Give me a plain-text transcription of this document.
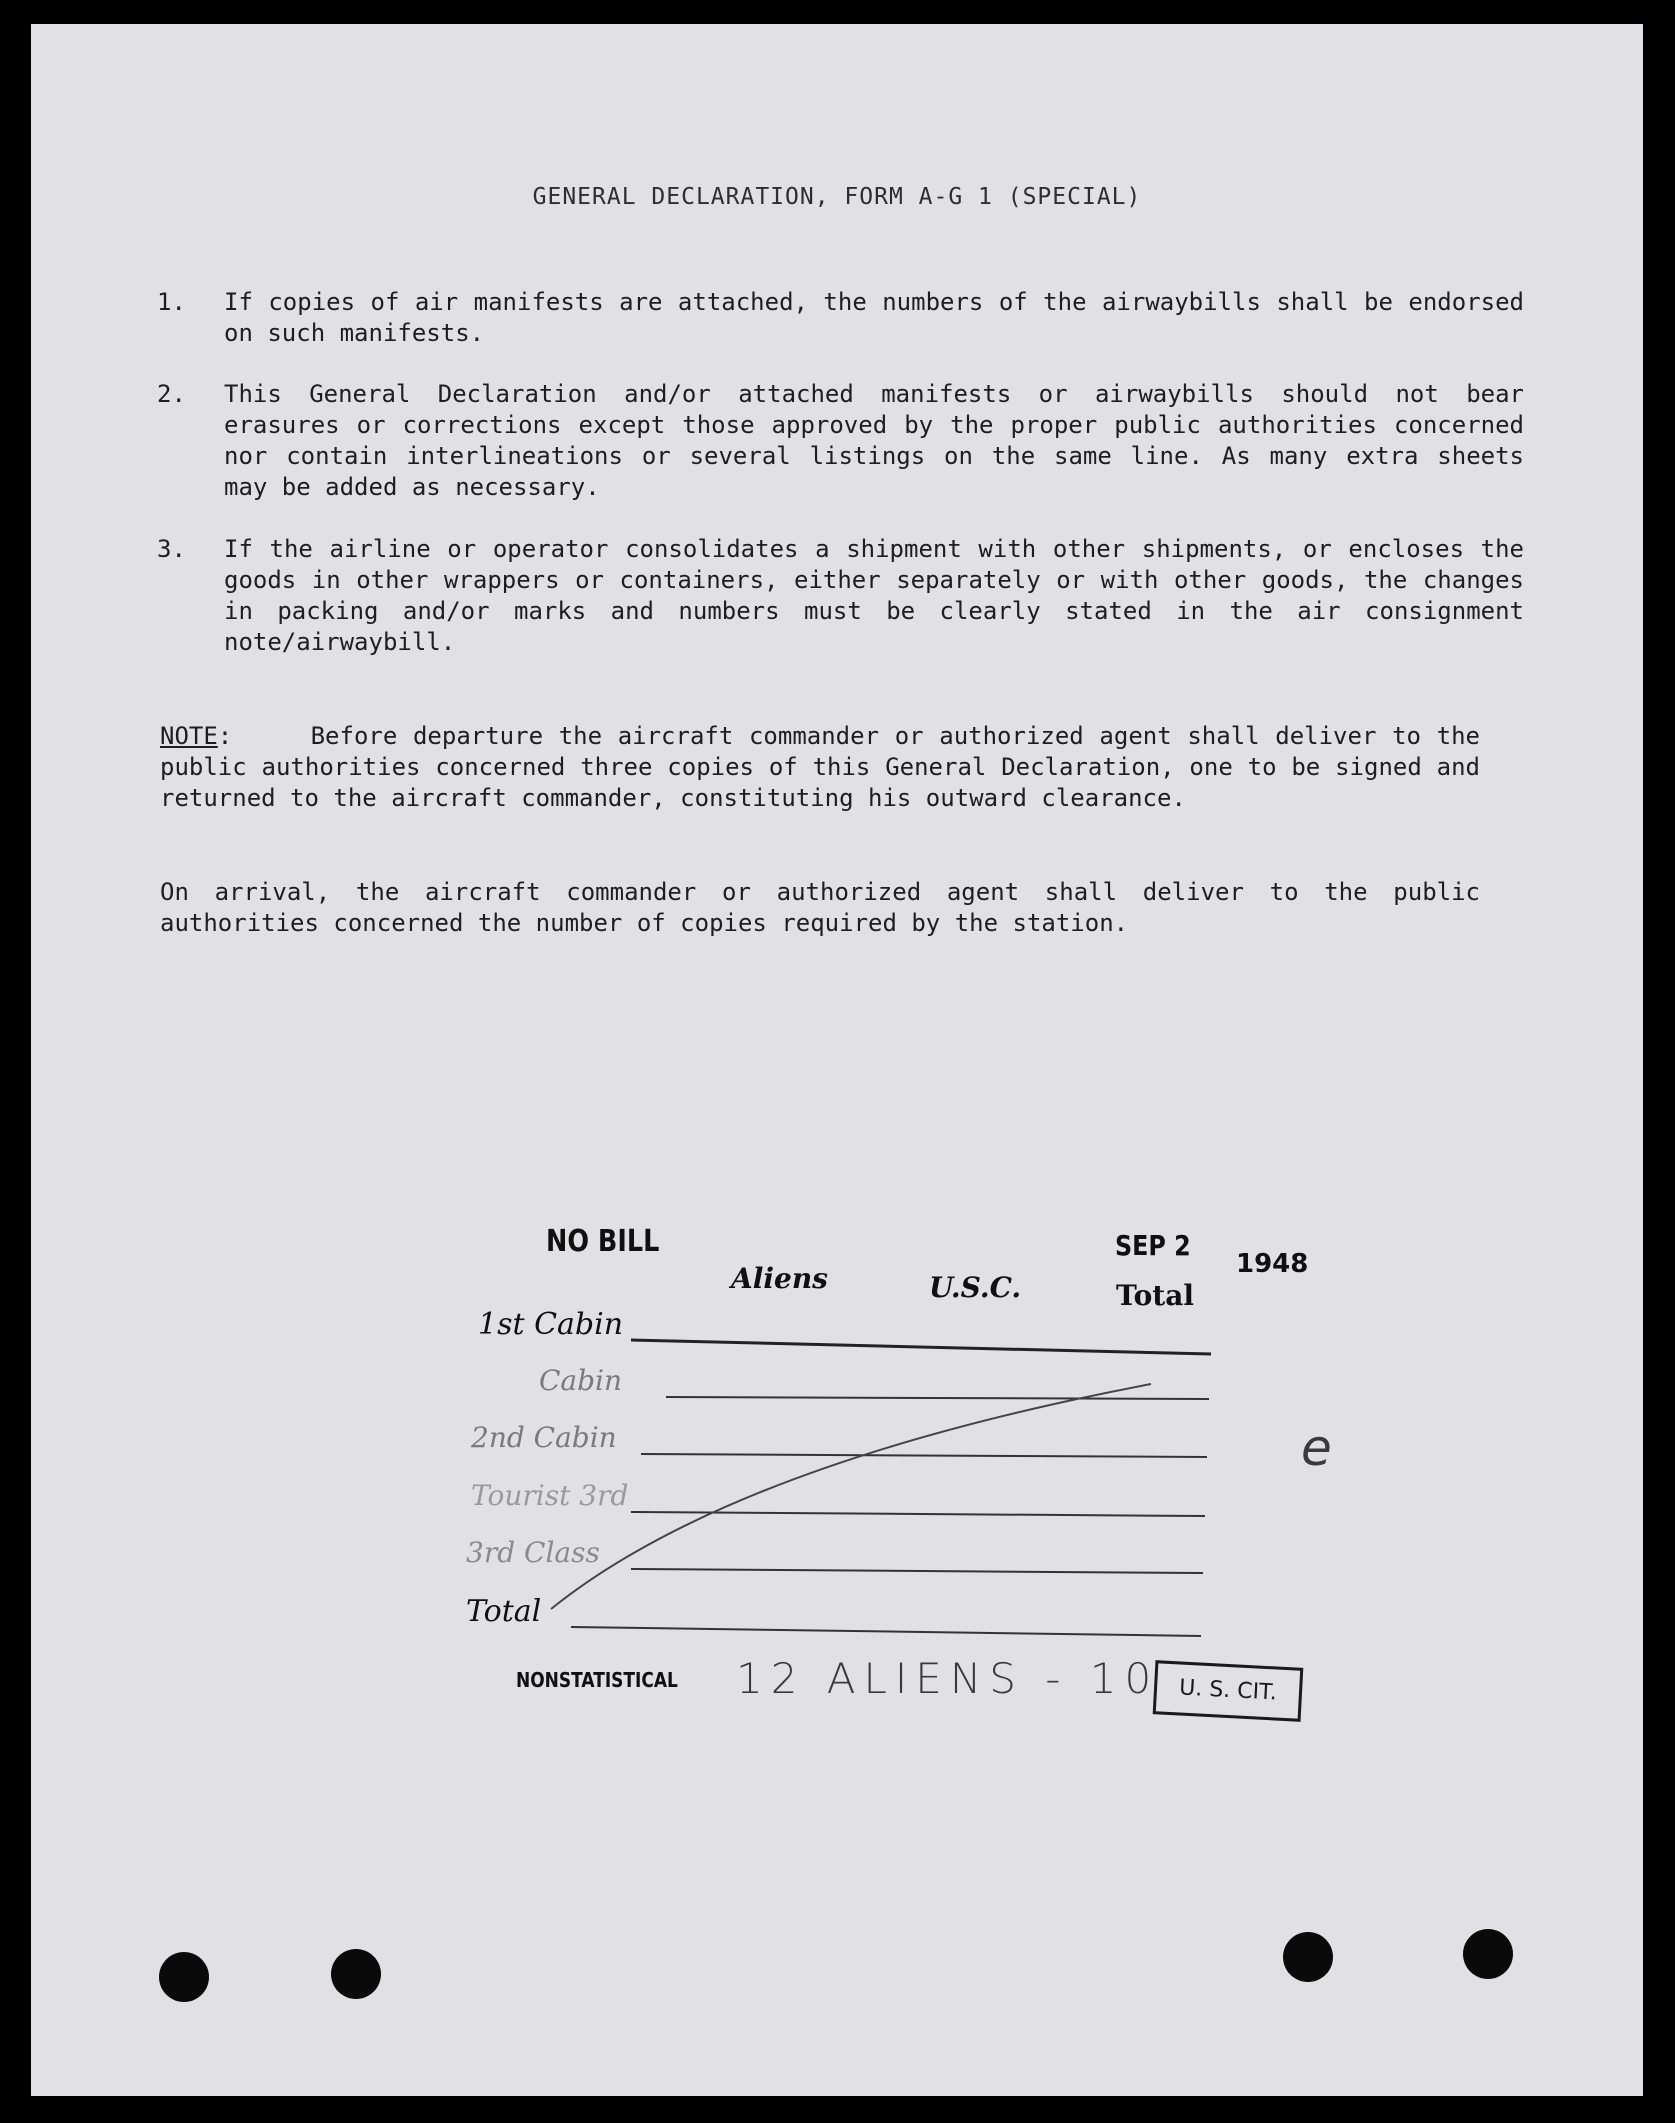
GENERAL DECLARATION, FORM A-G 1 (SPECIAL)
1. If copies of air manifests are attached, the numbers of the airwaybills shall be endorsed on such manifests.
2. This General Declaration and/or attached manifests or airwaybills should not bear erasures or corrections except those approved by the proper public authorities concerned nor contain interlineations or several listings on the same line. As many extra sheets may be added as necessary.
3. If the airline or operator consolidates a shipment with other shipments, or encloses the goods in other wrappers or containers, either separately or with other goods, the changes in packing and/or marks and numbers must be clearly stated in the air consignment note/airwaybill.
NOTE:     Before departure the aircraft commander or authorized agent shall deliver to the public authorities concerned three copies of this General Declaration, one to be signed and returned to the aircraft commander, constituting his outward clearance.
On arrival, the aircraft commander or authorized agent shall deliver to the public authorities concerned the number of copies required by the station.
NO BILL	SEP 2
1948
Aliens	U.S.C.	Total
1st Cabin
Cabin
2nd Cabin
Tourist 3rd
3rd Class
Total
NONSTATISTICAL 12 ALIENS - 10 U. S. CIT.
e
